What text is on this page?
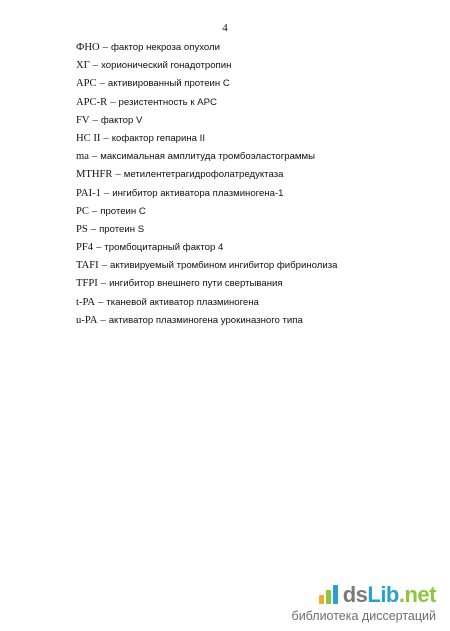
4
ФНО – фактор некроза опухоли
ХГ – хорионический гонадотропин
APC – активированный протеин C
APC-R – резистентность к APC
FV – фактор V
HC II – кофактор гепарина II
ma – максимальная амплитуда тромбоэластограммы
MTHFR – метилентетрагидрофолатредуктаза
PAI-1 – ингибитор активатора плазминогена-1
PC – протеин C
PS – протеин S
PF4 – тромбоцитарный фактор 4
TAFI – активируемый тромбином ингибитор фибринолиза
TFPI – ингибитор внешнего пути свертывания
t-PA – тканевой активатор плазминогена
u-PA – активатор плазминогена урокиназного типа
dsLib.net
библиотека диссертаций
